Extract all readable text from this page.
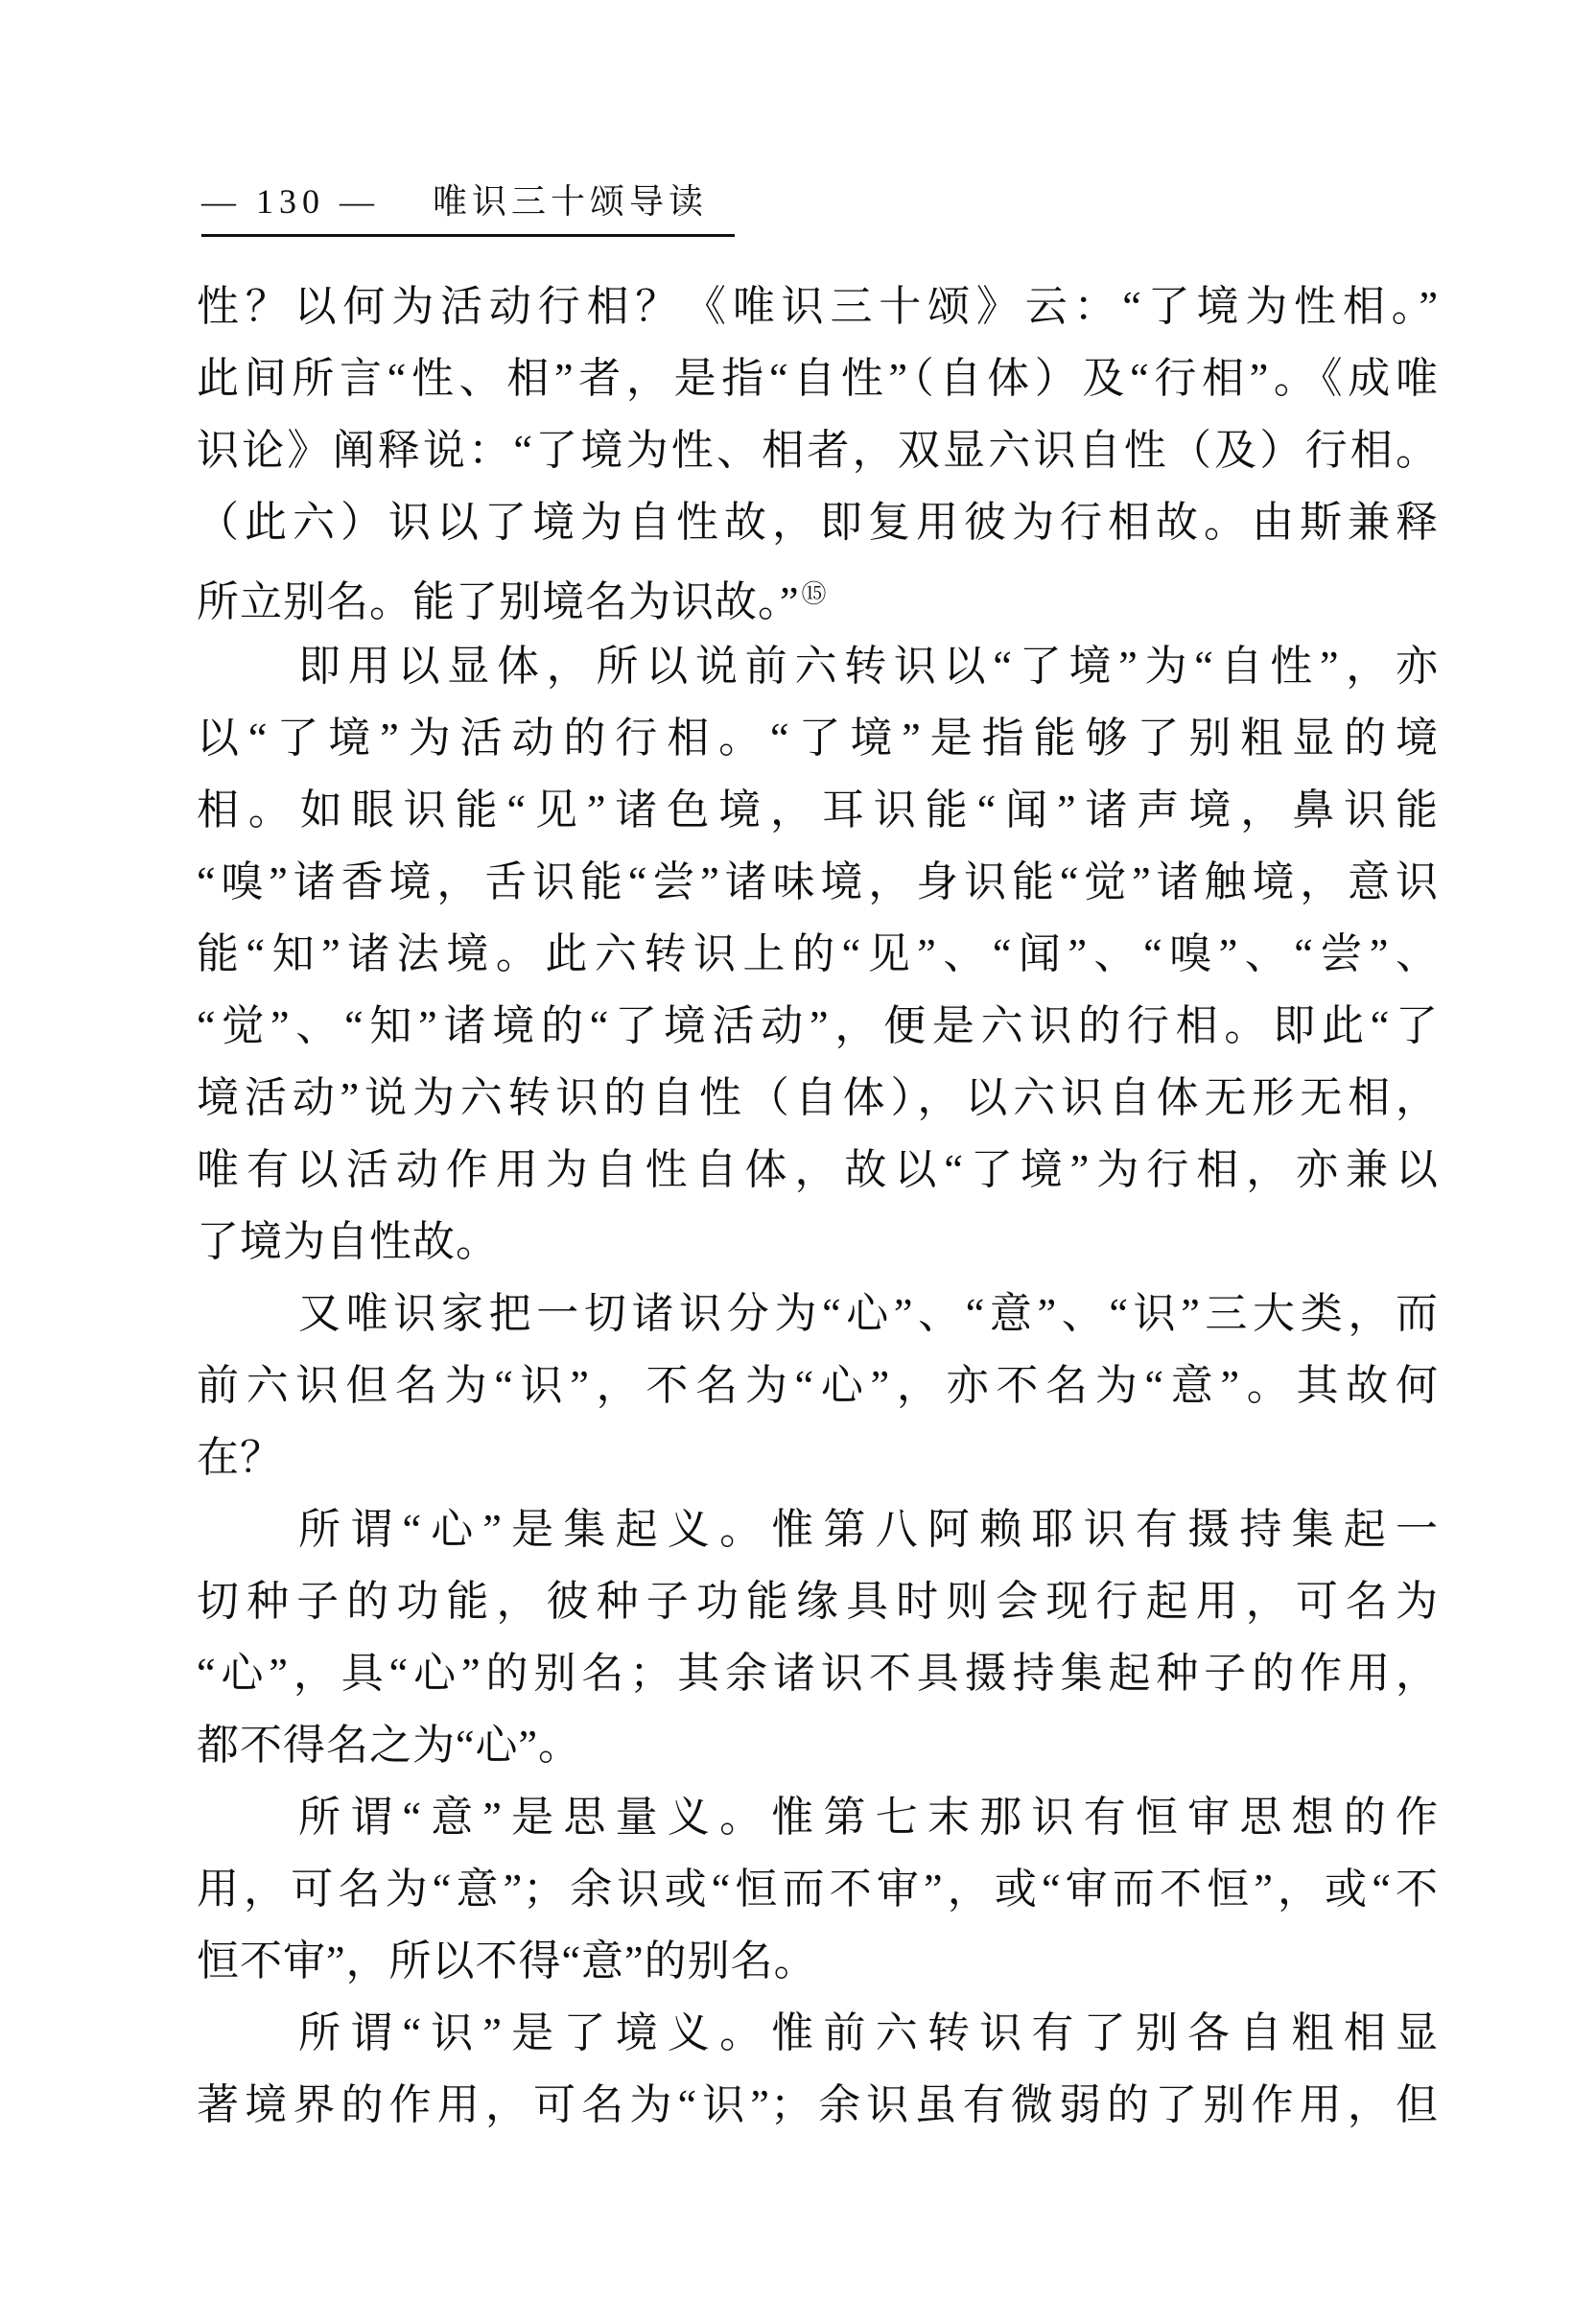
— 130 — 唯识三十颂导读
性？以何为活动行相？《唯识三十颂》云：“了境为性相。”
此间所言“性、相”者，是指“自性”（自体）及“行相”。《成唯
识论》阐释说：“了境为性、相者，双显六识自性（及）行相。
（此六）识以了境为自性故，即复用彼为行相故。由斯兼释
所立别名。能了别境名为识故。”⑮
即用以显体，所以说前六转识以“了境”为“自性”，亦
以“了境”为活动的行相。“了境”是指能够了别粗显的境
相。如眼识能“见”诸色境，耳识能“闻”诸声境，鼻识能
“嗅”诸香境，舌识能“尝”诸味境，身识能“觉”诸触境，意识
能“知”诸法境。此六转识上的“见”、“闻”、“嗅”、“尝”、
“觉”、“知”诸境的“了境活动”，便是六识的行相。即此“了
境活动”说为六转识的自性（自体），以六识自体无形无相，
唯有以活动作用为自性自体，故以“了境”为行相，亦兼以
了境为自性故。
又唯识家把一切诸识分为“心”、“意”、“识”三大类，而
前六识但名为“识”，不名为“心”，亦不名为“意”。其故何
在？
所谓“心”是集起义。惟第八阿赖耶识有摄持集起一
切种子的功能，彼种子功能缘具时则会现行起用，可名为
“心”，具“心”的别名；其余诸识不具摄持集起种子的作用，
都不得名之为“心”。
所谓“意”是思量义。惟第七末那识有恒审思想的作
用，可名为“意”；余识或“恒而不审”，或“审而不恒”，或“不
恒不审”，所以不得“意”的别名。
所谓“识”是了境义。惟前六转识有了别各自粗相显
著境界的作用，可名为“识”；余识虽有微弱的了别作用，但
